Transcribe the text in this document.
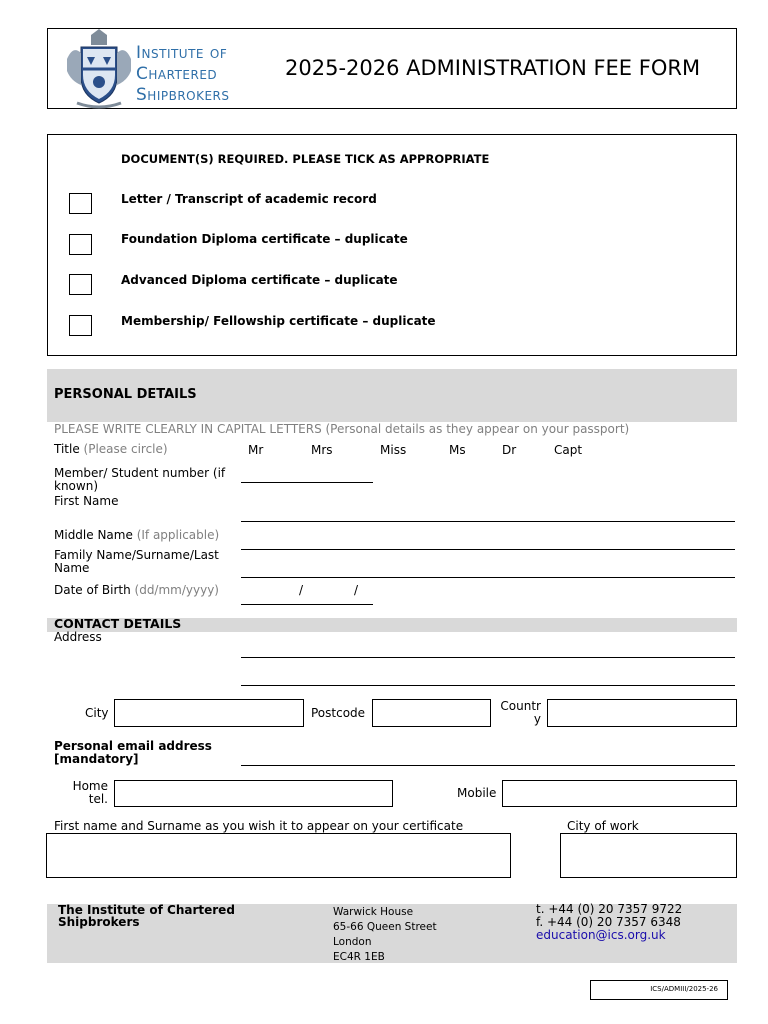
Institute of
Chartered
Shipbrokers
2025-2026 ADMINISTRATION FEE FORM
DOCUMENT(S) REQUIRED. PLEASE TICK AS APPROPRIATE
Letter / Transcript of academic record
Foundation Diploma certificate – duplicate
Advanced Diploma certificate – duplicate
Membership/ Fellowship certificate – duplicate
PERSONAL DETAILS
PLEASE WRITE CLEARLY IN CAPITAL LETTERS (Personal details as they appear on your passport)
Title (Please circle)	Mr	Mrs	Miss	Ms	Dr	Capt
Member/ Student number (if known)
First Name
Middle Name (If applicable)
Family Name/Surname/Last Name
Date of Birth (dd/mm/yyyy)	/	/
CONTACT DETAILS
Address
City	Postcode	Countr
y
Personal email address [mandatory]
Home
tel.	Mobile
First name and Surname as you wish it to appear on your certificate	City of work
The Institute of Chartered Shipbrokers
Warwick House
65-66 Queen Street
London
EC4R 1EB
t. +44 (0) 20 7357 9722
f. +44 (0) 20 7357 6348
education@ics.org.uk
ICS/ADMIII/2025-26
